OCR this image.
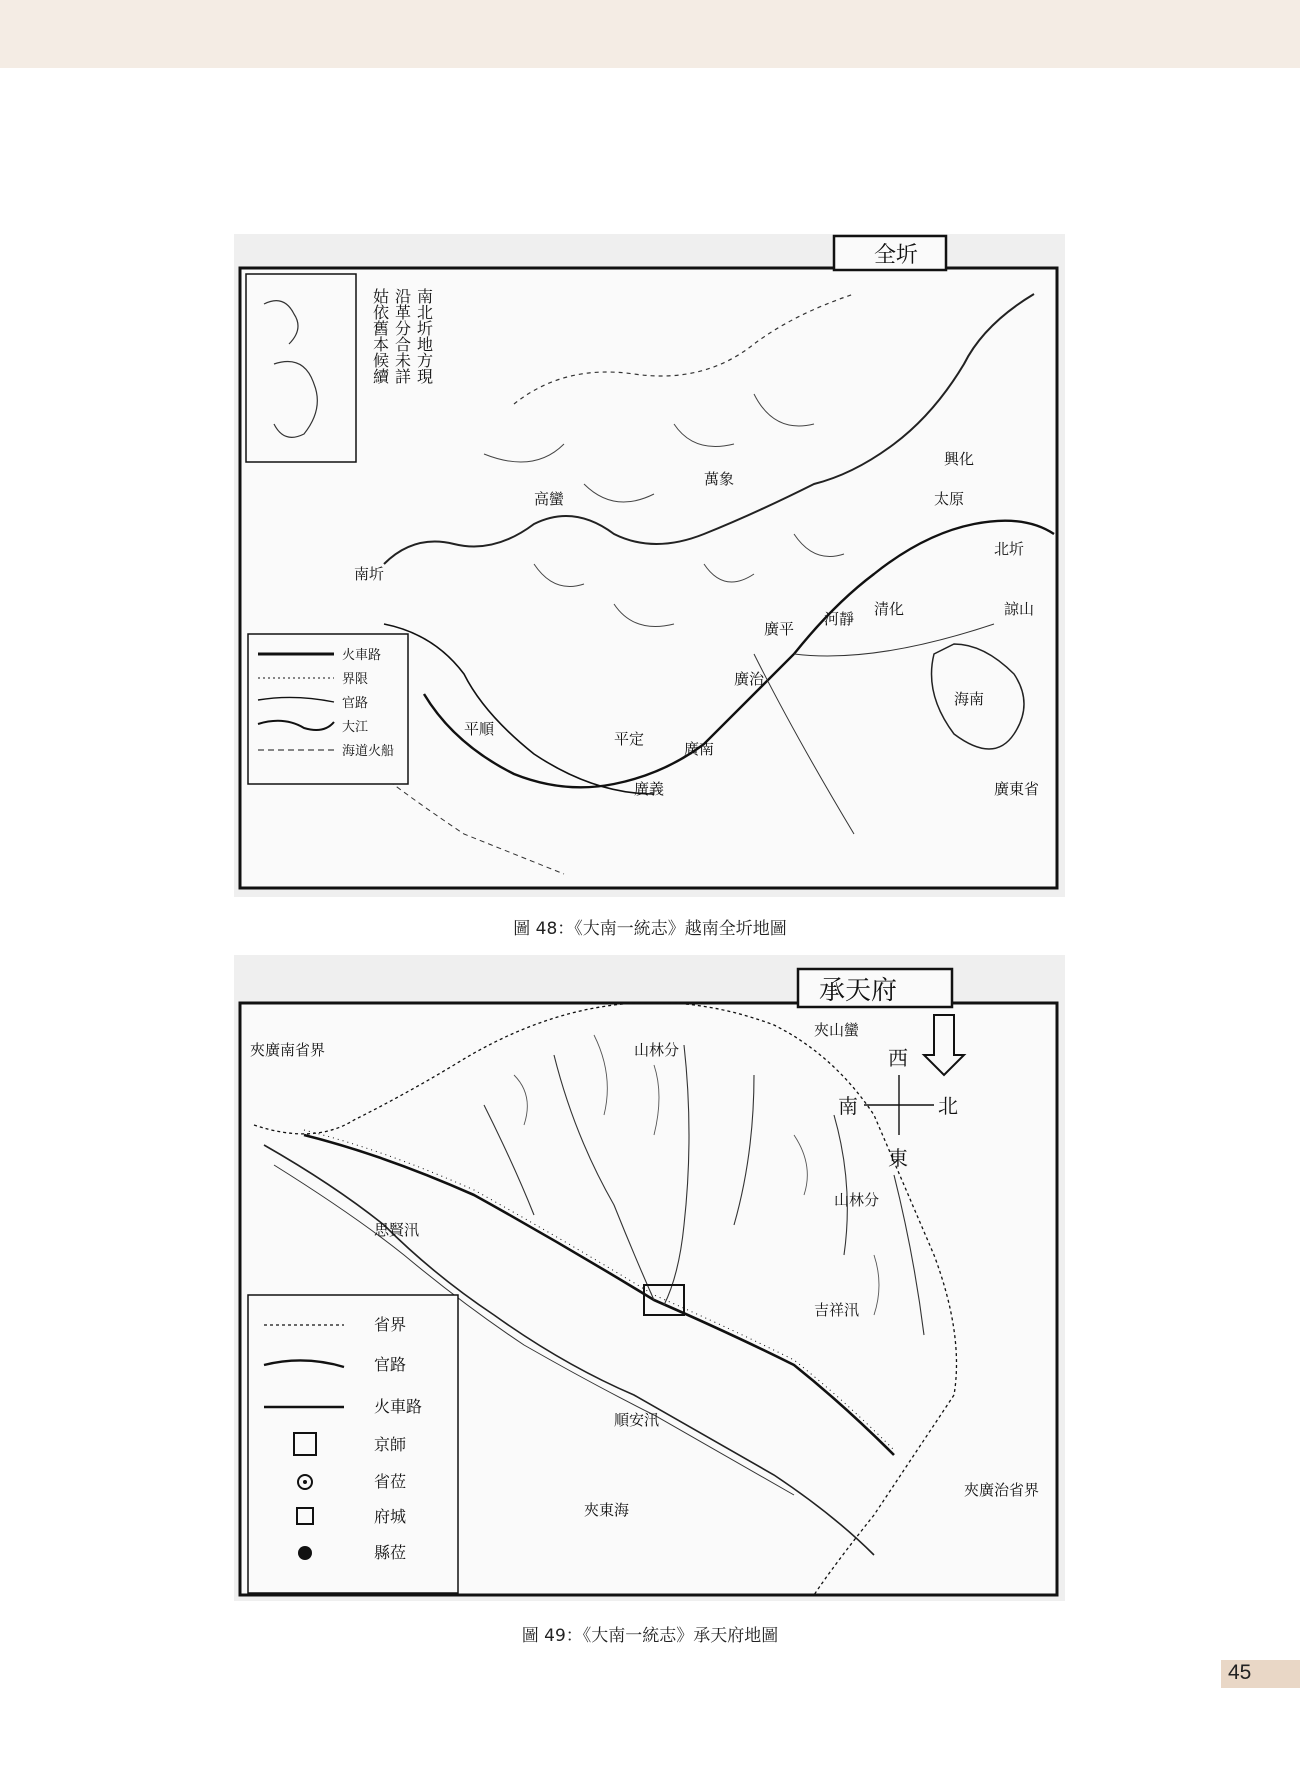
全圻
南北圻地方現
沿革分合未詳
姑依舊本候續
火車路
界限
官路
大江
海道火船
高蠻
萬象
南圻
北圻
清化
河靜
廣平
廣治
廣南
廣義
平定
平順
海南
廣東省
太原
興化
諒山
圖 48：《大南一統志》越南全圻地圖
承天府
西
北
南
東
省界
官路
火車路
京師
省莅
府城
縣莅
夾廣南省界
夾廣治省界
夾山蠻
山林分
山林分
夾東海
思賢汛
順安汛
吉祥汛
圖 49：《大南一統志》承天府地圖
45
